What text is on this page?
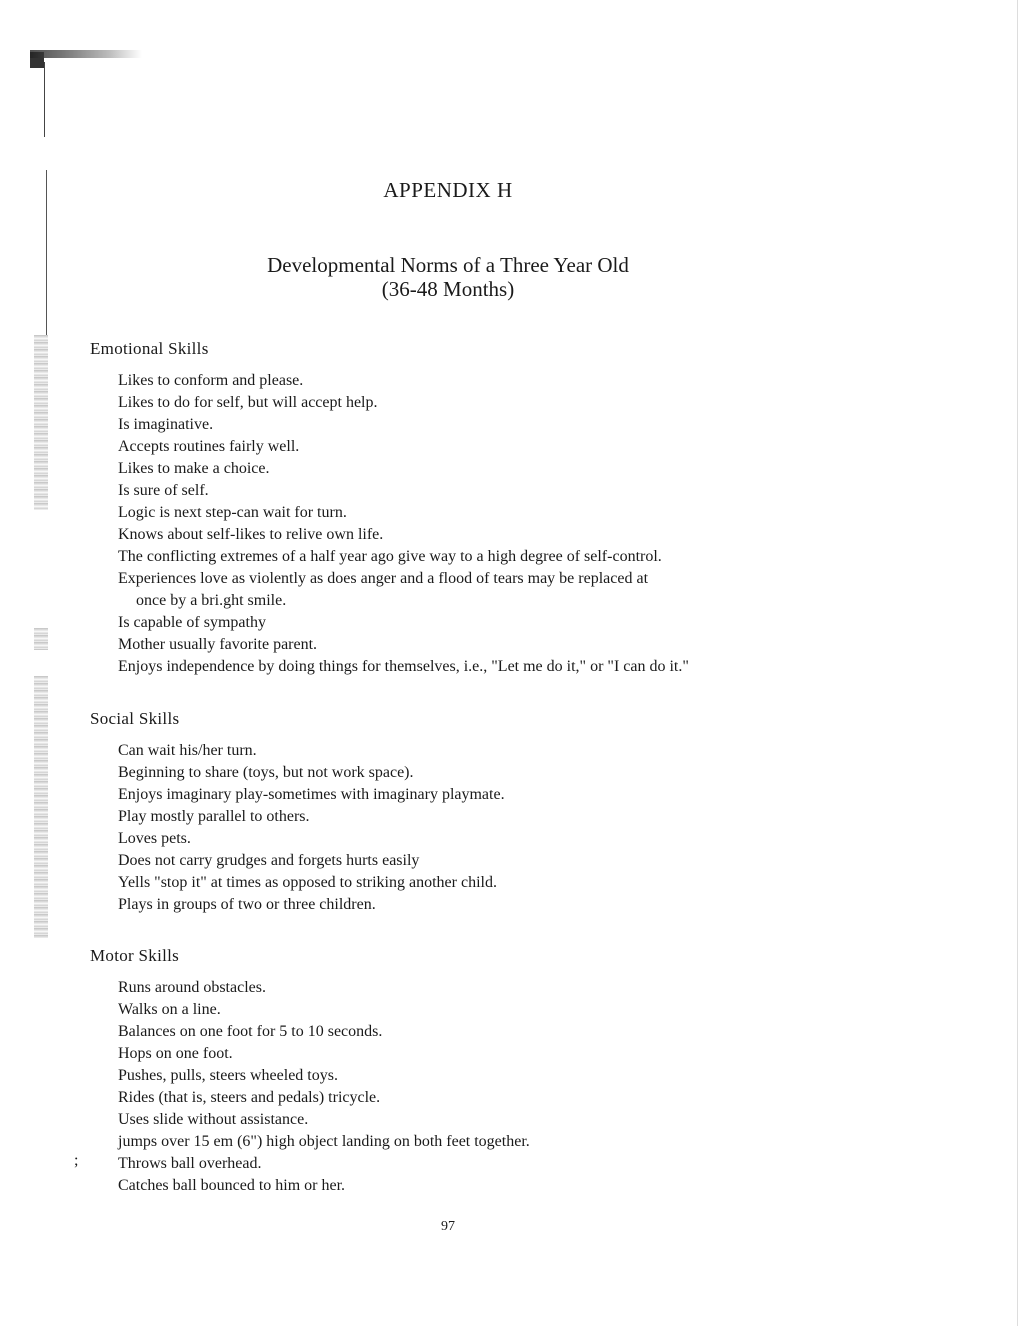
APPENDIX H
Developmental Norms of a Three Year Old
(36-48 Months)
Emotional Skills
Likes to conform and please.
Likes to do for self, but will accept help.
Is imaginative.
Accepts routines fairly well.
Likes to make a choice.
Is sure of self.
Logic is next step-can wait for turn.
Knows about self-likes to relive own life.
The conflicting extremes of a half year ago give way to a high degree of self-control.
Experiences love as violently as does anger and a flood of tears may be replaced at
once by a bri.ght smile.
Is capable of sympathy
Mother usually favorite parent.
Enjoys independence by doing things for themselves, i.e., "Let me do it," or "I can do it."
Social Skills
Can wait his/her turn.
Beginning to share (toys, but not work space).
Enjoys imaginary play-sometimes with imaginary playmate.
Play mostly parallel to others.
Loves pets.
Does not carry grudges and forgets hurts easily
Yells "stop it" at times as opposed to striking another child.
Plays in groups of two or three children.
Motor Skills
Runs around obstacles.
Walks on a line.
Balances on one foot for 5 to 10 seconds.
Hops on one foot.
Pushes, pulls, steers wheeled toys.
Rides (that is, steers and pedals) tricycle.
Uses slide without assistance.
jumps over 15 em (6") high object landing on both feet together.
Throws ball overhead.
Catches ball bounced to him or her.
;
97
